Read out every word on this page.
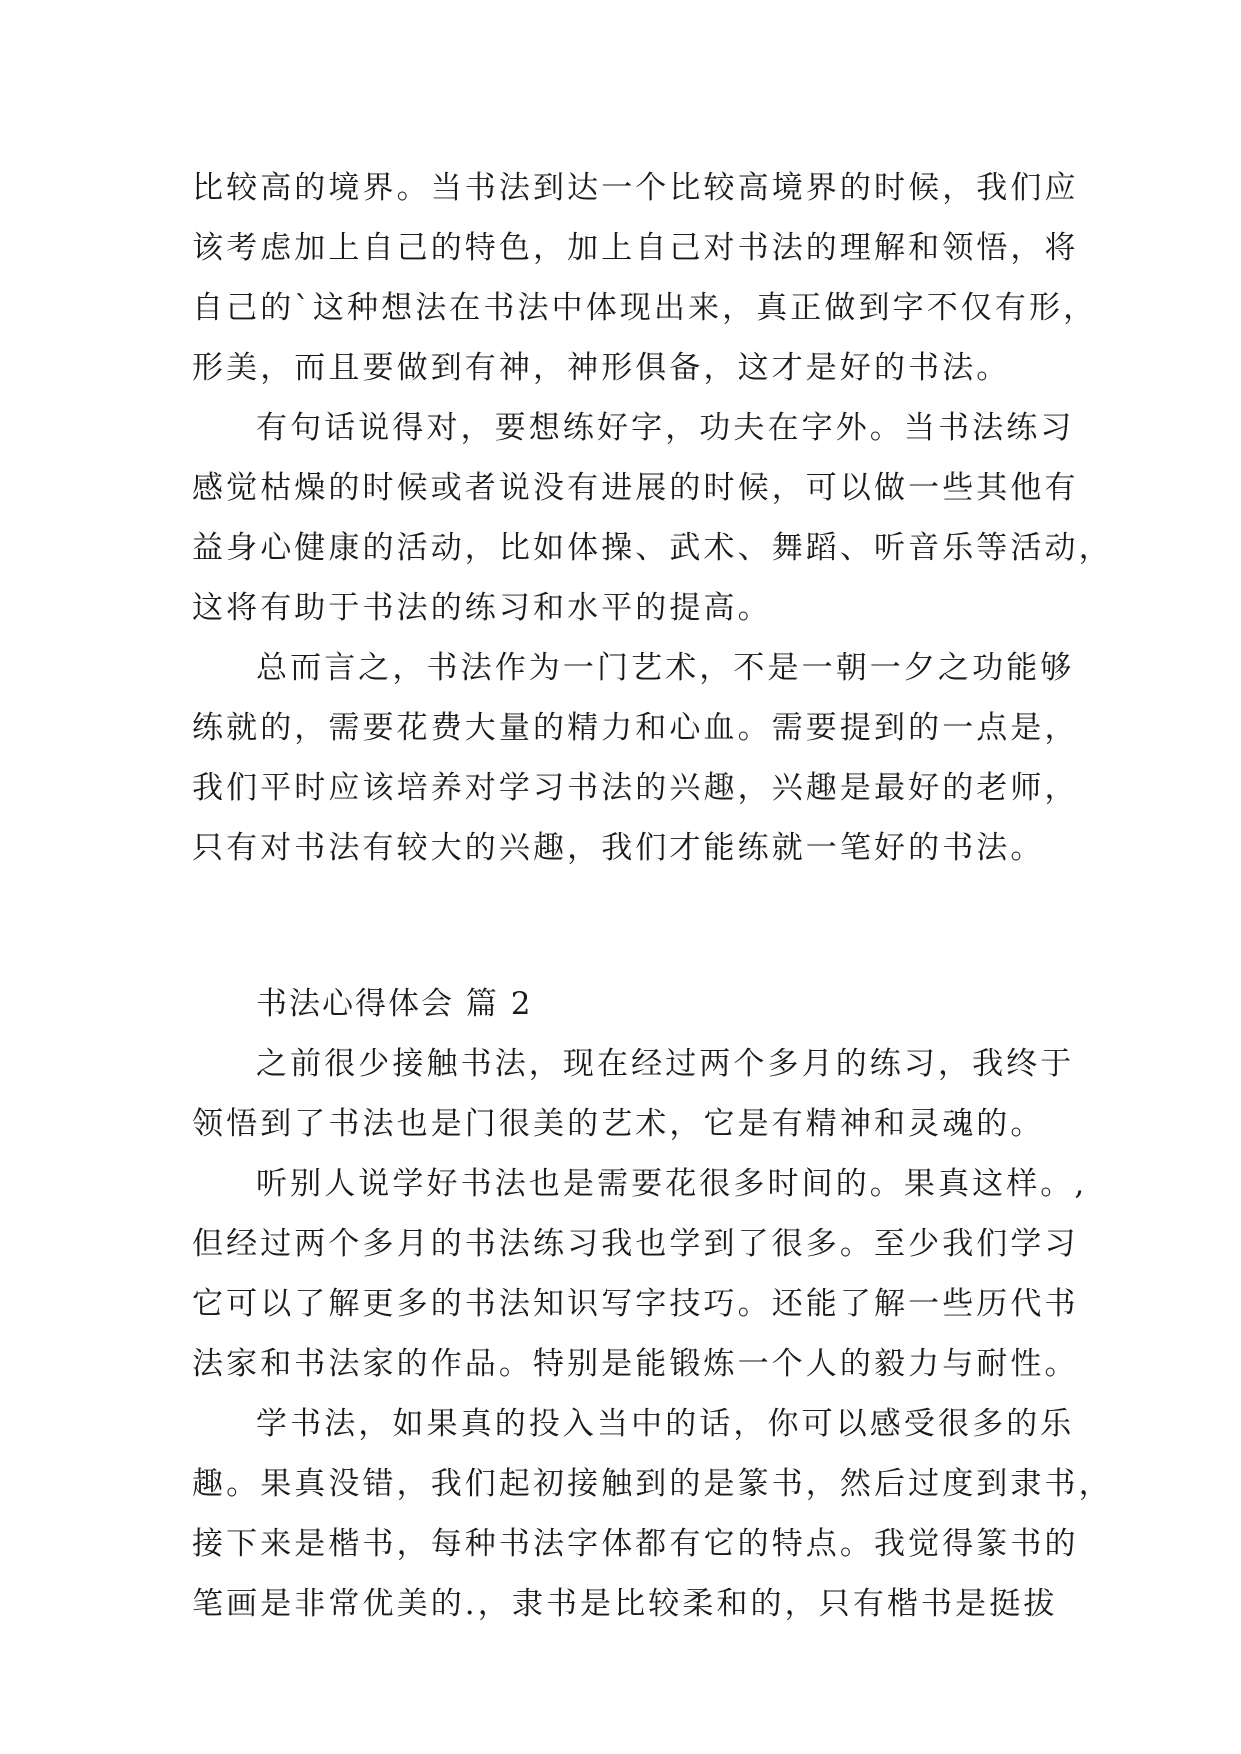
比较高的境界。当书法到达一个比较高境界的时候，我们应
该考虑加上自己的特色，加上自己对书法的理解和领悟，将
自己的`这种想法在书法中体现出来，真正做到字不仅有形，
形美，而且要做到有神，神形俱备，这才是好的书法。
有句话说得对，要想练好字，功夫在字外。当书法练习
感觉枯燥的时候或者说没有进展的时候，可以做一些其他有
益身心健康的活动，比如体操、武术、舞蹈、听音乐等活动，
这将有助于书法的练习和水平的提高。
总而言之，书法作为一门艺术，不是一朝一夕之功能够
练就的，需要花费大量的精力和心血。需要提到的一点是，
我们平时应该培养对学习书法的兴趣，兴趣是最好的老师，
只有对书法有较大的兴趣，我们才能练就一笔好的书法。
书法心得体会 篇 2
之前很少接触书法，现在经过两个多月的练习，我终于
领悟到了书法也是门很美的艺术，它是有精神和灵魂的。
听别人说学好书法也是需要花很多时间的。果真这样。,
但经过两个多月的书法练习我也学到了很多。至少我们学习
它可以了解更多的书法知识写字技巧。还能了解一些历代书
法家和书法家的作品。特别是能锻炼一个人的毅力与耐性。
学书法，如果真的投入当中的话，你可以感受很多的乐
趣。果真没错，我们起初接触到的是篆书，然后过度到隶书，
接下来是楷书，每种书法字体都有它的特点。我觉得篆书的
笔画是非常优美的.，隶书是比较柔和的，只有楷书是挺拔
